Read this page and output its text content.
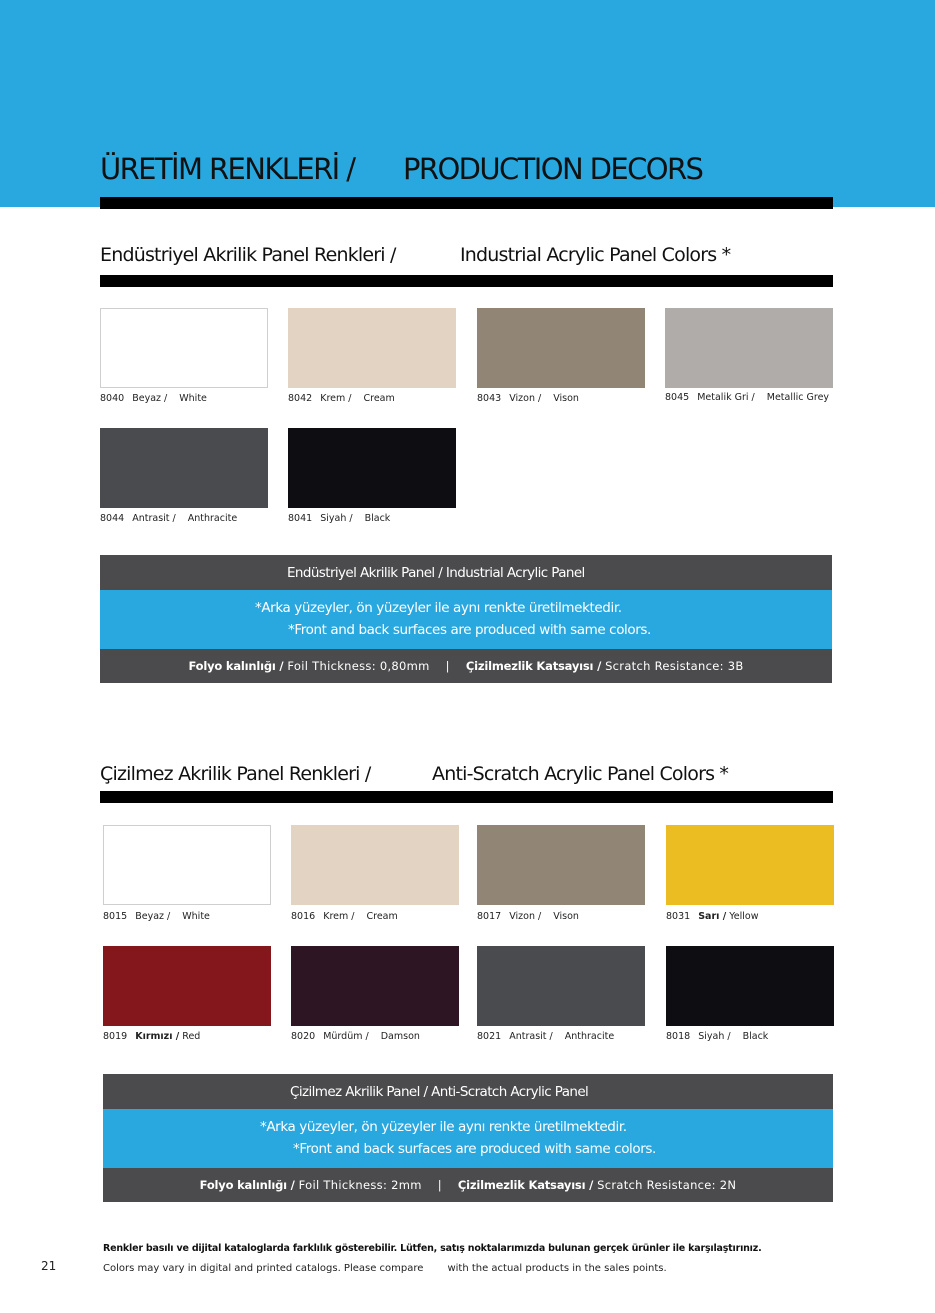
ÜRETİM RENKLERİ / PRODUCTION DECORS
Endüstriyel Akrilik Panel Renkleri /	Industrial Acrylic Panel Colors *
8040 Beyaz / White	8042 Krem / Cream	8043 Vizon / Vison	8045 Metalik Gri / Metallic Grey
8044 Antrasit / Anthracite	8041 Siyah / Black
Endüstriyel Akrilik Panel / Industrial Acrylic Panel
*Arka yüzeyler, ön yüzeyler ile aynı renkte üretilmektedir.
*Front and back surfaces are produced with same colors.
Folyo kalınlığı /
Foil Thickness:
0,80mm | Çizilmezlik Katsayısı /
Scratch Resistance:
3B
Çizilmez Akrilik Panel Renkleri /	Anti-Scratch Acrylic Panel Colors *
8015 Beyaz / White	8016 Krem / Cream	8017 Vizon / Vison	8031 Sarı / Yellow
8019 Kırmızı / Red	8020 Mürdüm / Damson	8021 Antrasit / Anthracite	8018 Siyah / Black
Çizilmez Akrilik Panel / Anti-Scratch Acrylic Panel
*Arka yüzeyler, ön yüzeyler ile aynı renkte üretilmektedir.
*Front and back surfaces are produced with same colors.
Folyo kalınlığı /
Foil Thickness:
2mm | Çizilmezlik Katsayısı /
Scratch Resistance:
2N
Renkler basılı ve dijital kataloglarda farklılık gösterebilir. Lütfen, satış noktalarımızda bulunan gerçek ürünler ile karşılaştırınız.
Colors may vary in digital and printed catalogs. Please compare with the actual products in the sales points.
21
